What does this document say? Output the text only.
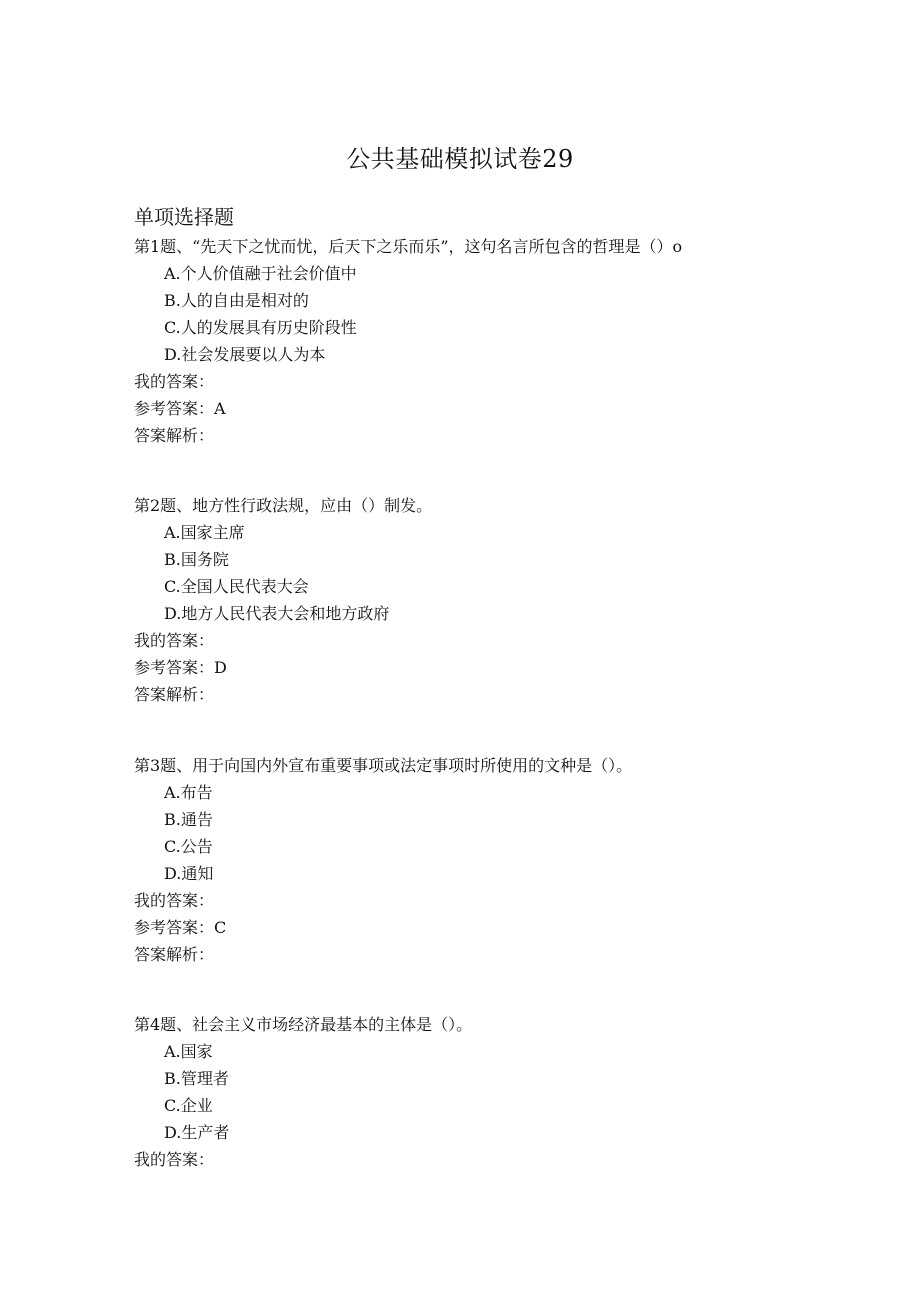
公共基础模拟试卷29
单项选择题
第1题、“先天下之忧而忧，后天下之乐而乐”，这句名言所包含的哲理是（）o
A.个人价值融于社会价值中
B.人的自由是相对的
C.人的发展具有历史阶段性
D.社会发展要以人为本
我的答案：
参考答案：A
答案解析：
第2题、地方性行政法规，应由（）制发。
A.国家主席
B.国务院
C.全国人民代表大会
D.地方人民代表大会和地方政府
我的答案：
参考答案：D
答案解析：
第3题、用于向国内外宣布重要事项或法定事项时所使用的文种是（）。
A.布告
B.通告
C.公告
D.通知
我的答案：
参考答案：C
答案解析：
第4题、社会主义市场经济最基本的主体是（）。
A.国家
B.管理者
C.企业
D.生产者
我的答案：
